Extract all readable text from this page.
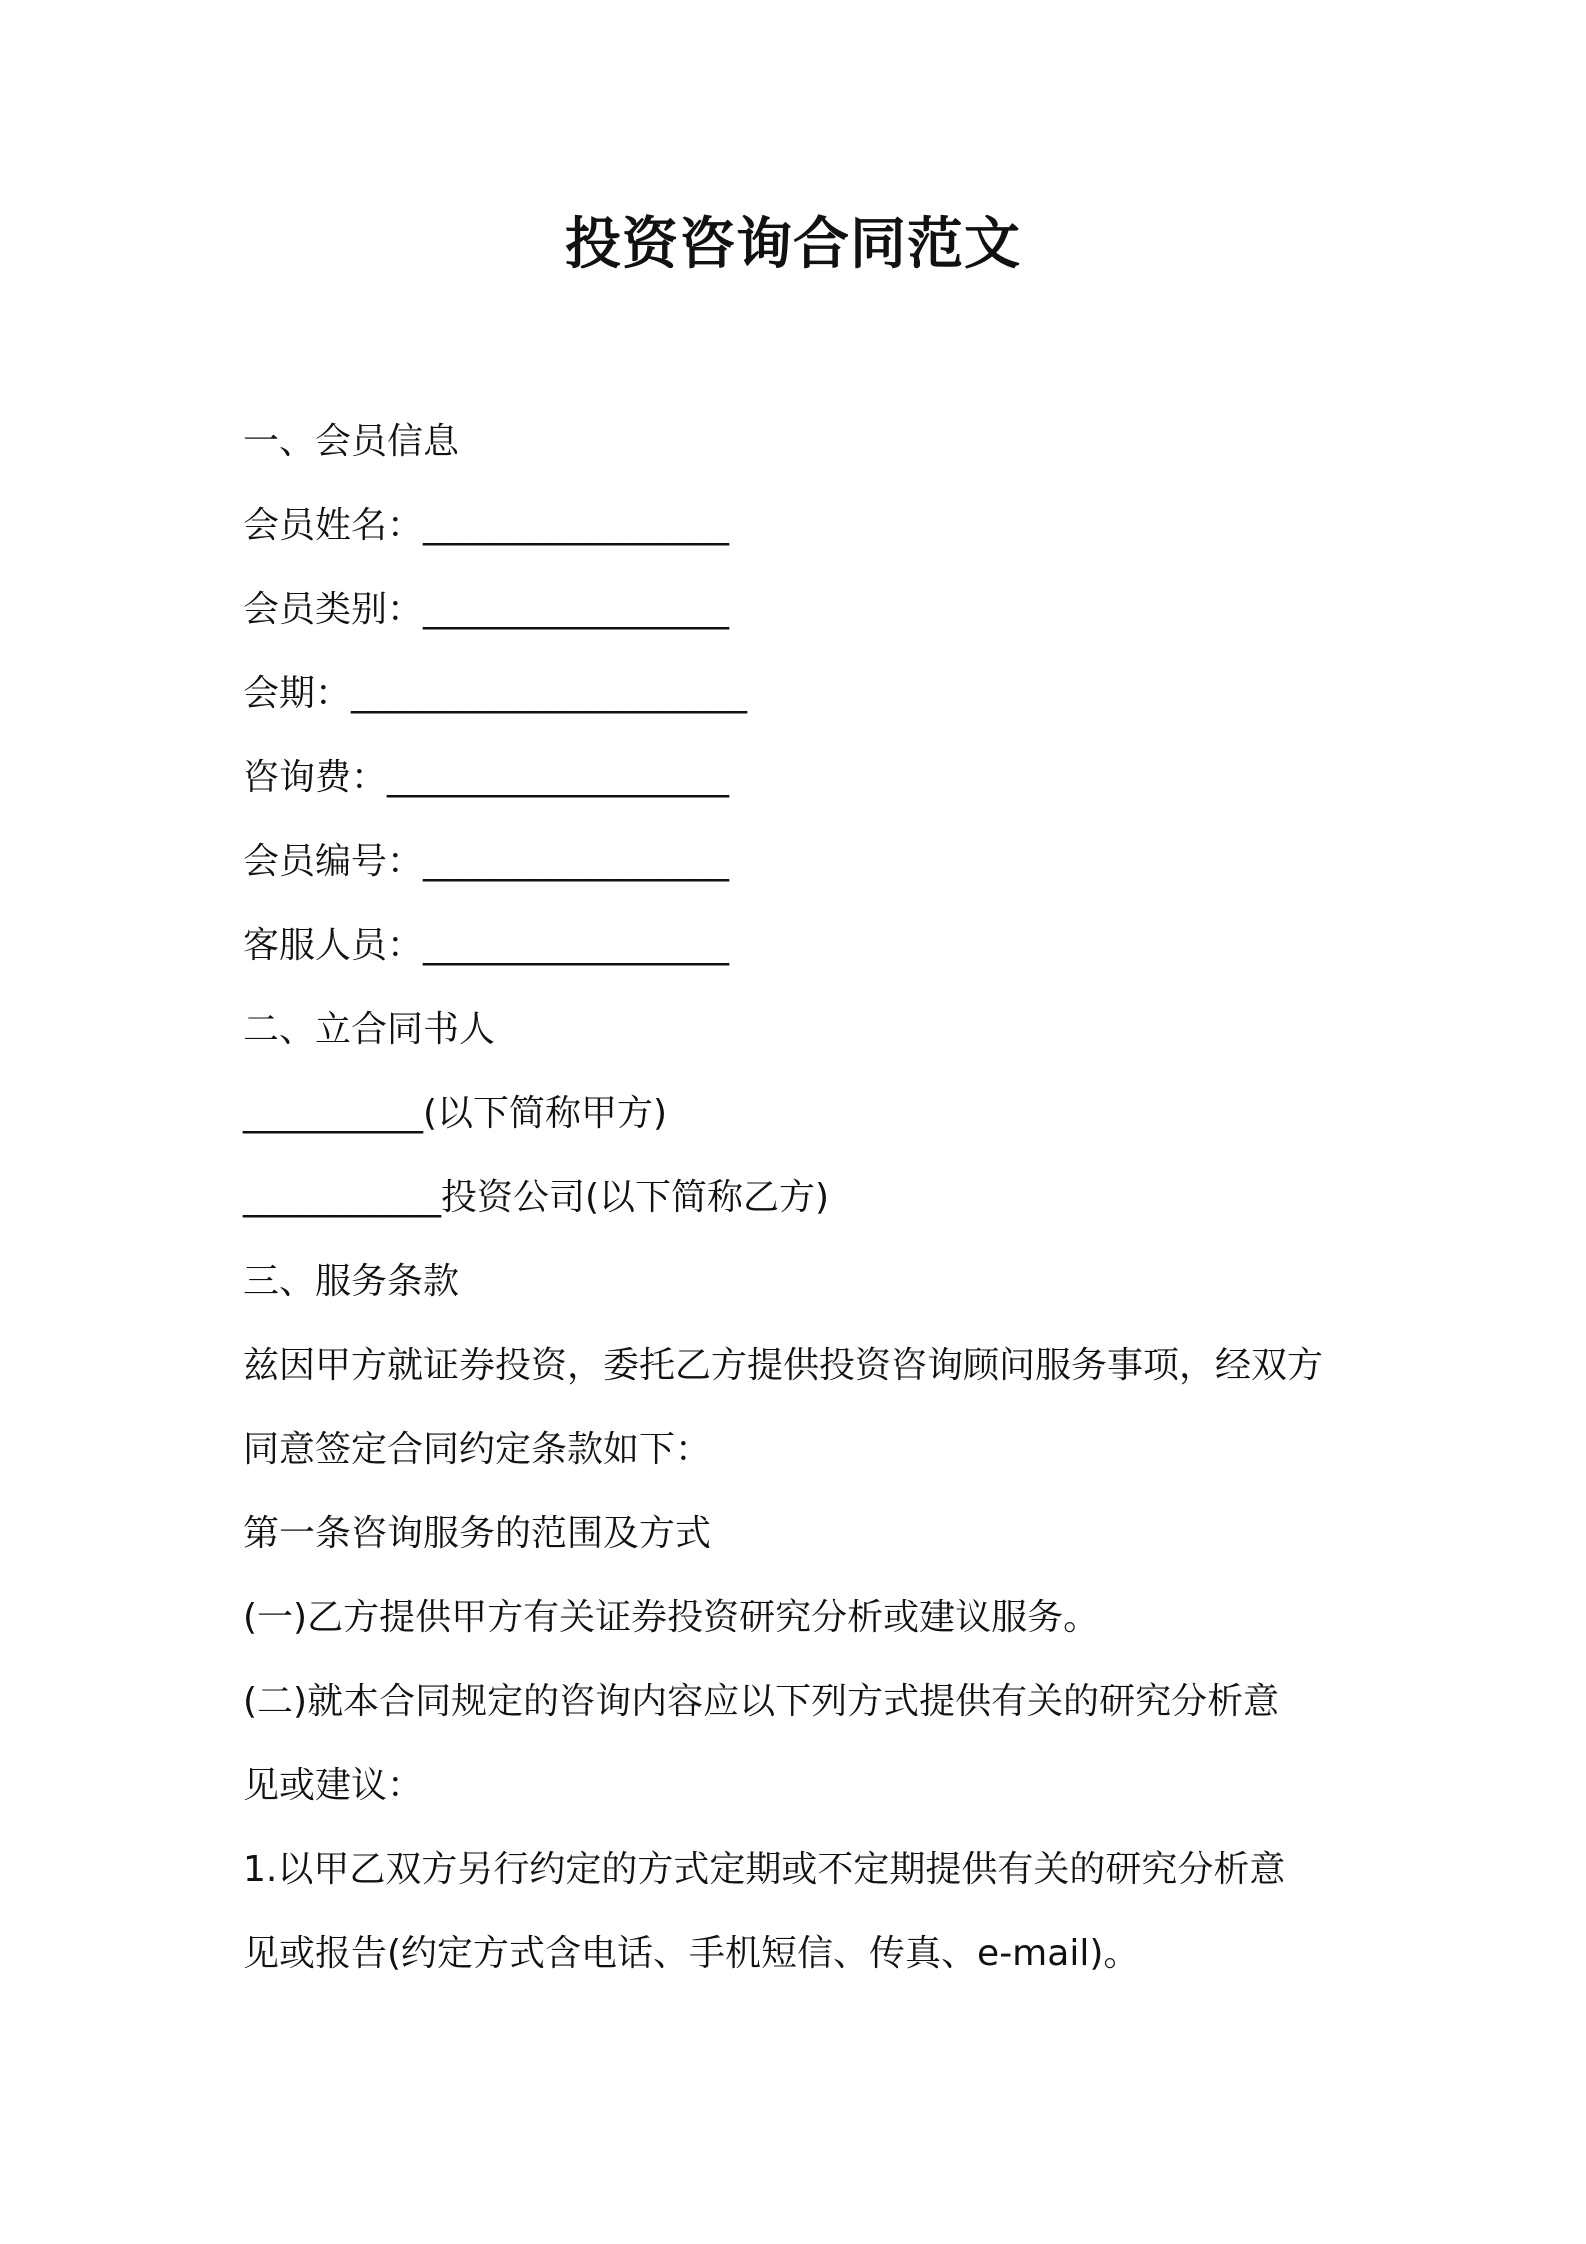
投资咨询合同范文
一、会员信息
会员姓名：_________________
会员类别：_________________
会期：______________________
咨询费：___________________
会员编号：_________________
客服人员：_________________
二、立合同书人
__________(以下简称甲方)
___________投资公司(以下简称乙方)
三、服务条款
兹因甲方就证券投资，委托乙方提供投资咨询顾问服务事项，经双方
同意签定合同约定条款如下：
第一条咨询服务的范围及方式
(一)乙方提供甲方有关证券投资研究分析或建议服务。
(二)就本合同规定的咨询内容应以下列方式提供有关的研究分析意
见或建议：
1.以甲乙双方另行约定的方式定期或不定期提供有关的研究分析意
见或报告(约定方式含电话、手机短信、传真、e-mail)。
